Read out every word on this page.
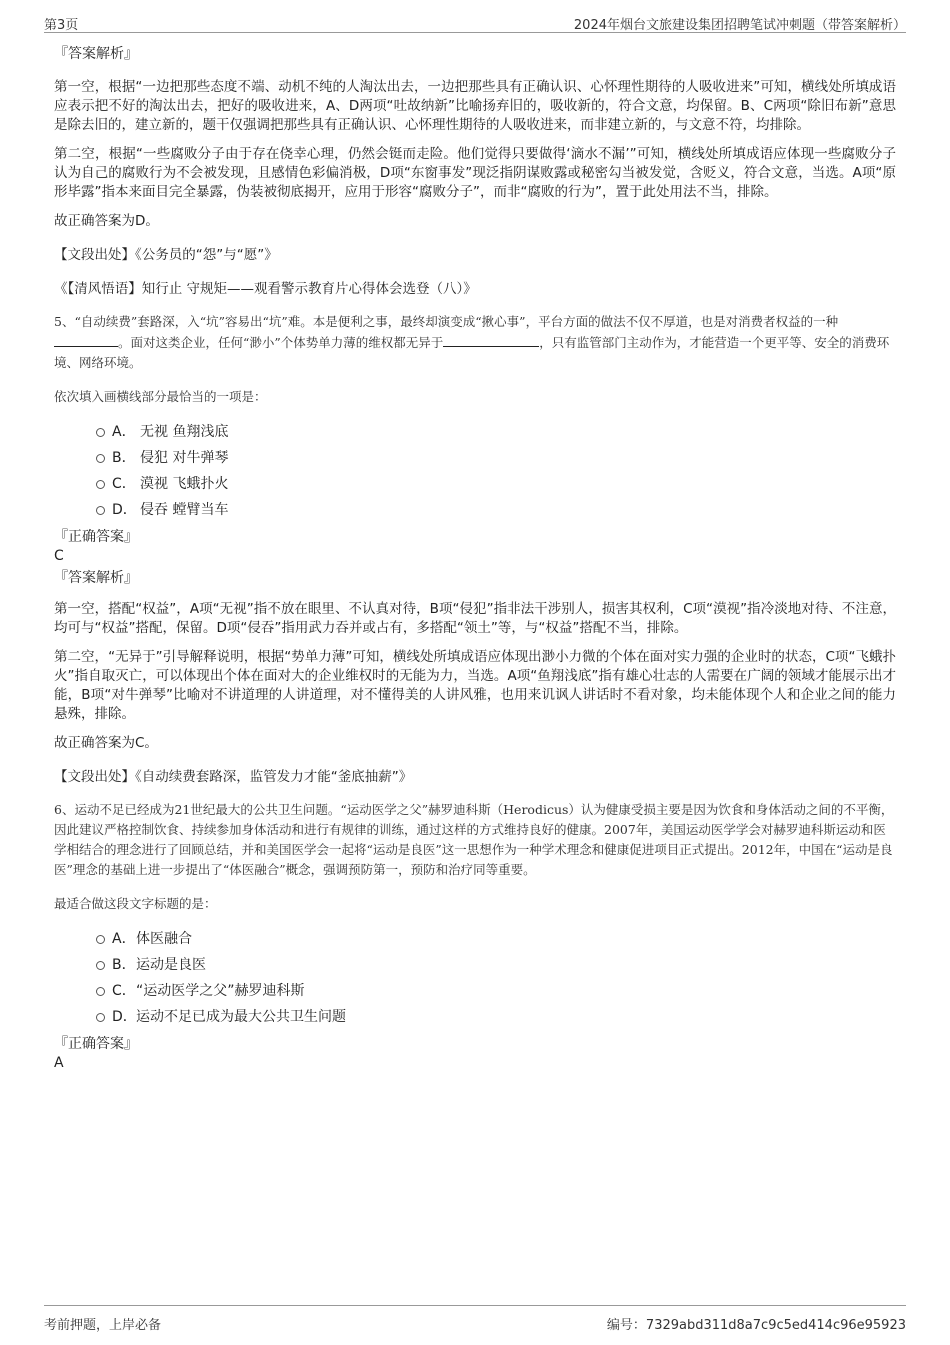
第3页	2024年烟台文旅建设集团招聘笔试冲刺题（带答案解析）

『答案解析』

第一空，根据“一边把那些态度不端、动机不纯的人淘汰出去，一边把那些具有正确认识、心怀理性期待的人吸收进来”可知，横线处所填成语应表示把不好的淘汰出去，把好的吸收进来，A、D两项“吐故纳新”比喻扬弃旧的，吸收新的，符合文意，均保留。B、C两项“除旧布新”意思是除去旧的，建立新的，题干仅强调把那些具有正确认识、心怀理性期待的人吸收进来，而非建立新的，与文意不符，均排除。

第二空，根据“一些腐败分子由于存在侥幸心理，仍然会铤而走险。他们觉得只要做得‘滴水不漏’”可知，横线处所填成语应体现一些腐败分子认为自己的腐败行为不会被发现，且感情色彩偏消极，D项“东窗事发”现泛指阴谋败露或秘密勾当被发觉，含贬义，符合文意，当选。A项“原形毕露”指本来面目完全暴露，伪装被彻底揭开，应用于形容“腐败分子”，而非“腐败的行为”，置于此处用法不当，排除。

故正确答案为D。

【文段出处】《公务员的“怨”与“愿”》

《【清风悟语】知行止 守规矩——观看警示教育片心得体会选登（八）》

5、“自动续费”套路深，入“坑”容易出“坑”难。本是便利之事，最终却演变成“揪心事”，平台方面的做法不仅不厚道，也是对消费者权益的一种。面对这类企业，任何“渺小”个体势单力薄的维权都无异于	，只有监管部门主动作为，才能营造一个更平等、安全的消费环境、网络环境。

依次填入画横线部分最恰当的一项是：

A． 无视 鱼翔浅底
B． 侵犯 对牛弹琴
C． 漠视 飞蛾扑火
D． 侵吞 螳臂当车

『正确答案』

C

『答案解析』

第一空，搭配“权益”，A项“无视”指不放在眼里、不认真对待，B项“侵犯”指非法干涉别人，损害其权利，C项“漠视”指冷淡地对待、不注意，均可与“权益”搭配，保留。D项“侵吞”指用武力吞并或占有，多搭配“领土”等，与“权益”搭配不当，排除。

第二空，“无异于”引导解释说明，根据“势单力薄”可知，横线处所填成语应体现出渺小力微的个体在面对实力强的企业时的状态，C项“飞蛾扑火”指自取灭亡，可以体现出个体在面对大的企业维权时的无能为力，当选。A项“鱼翔浅底”指有雄心壮志的人需要在广阔的领域才能展示出才能，B项“对牛弹琴”比喻对不讲道理的人讲道理，对不懂得美的人讲风雅，也用来讥讽人讲话时不看对象，均未能体现个人和企业之间的能力悬殊，排除。

故正确答案为C。

【文段出处】《自动续费套路深，监管发力才能“釜底抽薪”》

6、运动不足已经成为21世纪最大的公共卫生问题。“运动医学之父”赫罗迪科斯（Herodicus）认为健康受损主要是因为饮食和身体活动之间的不平衡，因此建议严格控制饮食、持续参加身体活动和进行有规律的训练，通过这样的方式维持良好的健康。2007年，美国运动医学学会对赫罗迪科斯运动和医学相结合的理念进行了回顾总结，并和美国医学会一起将“运动是良医”这一思想作为一种学术理念和健康促进项目正式提出。2012年，中国在“运动是良医”理念的基础上进一步提出了“体医融合”概念，强调预防第一，预防和治疗同等重要。

最适合做这段文字标题的是：

A．体医融合
B．运动是良医
C．“运动医学之父”赫罗迪科斯
D．运动不足已成为最大公共卫生问题

『正确答案』

A

考前押题，上岸必备	编号：7329abd311d8a7c9c5ed414c96e95923
